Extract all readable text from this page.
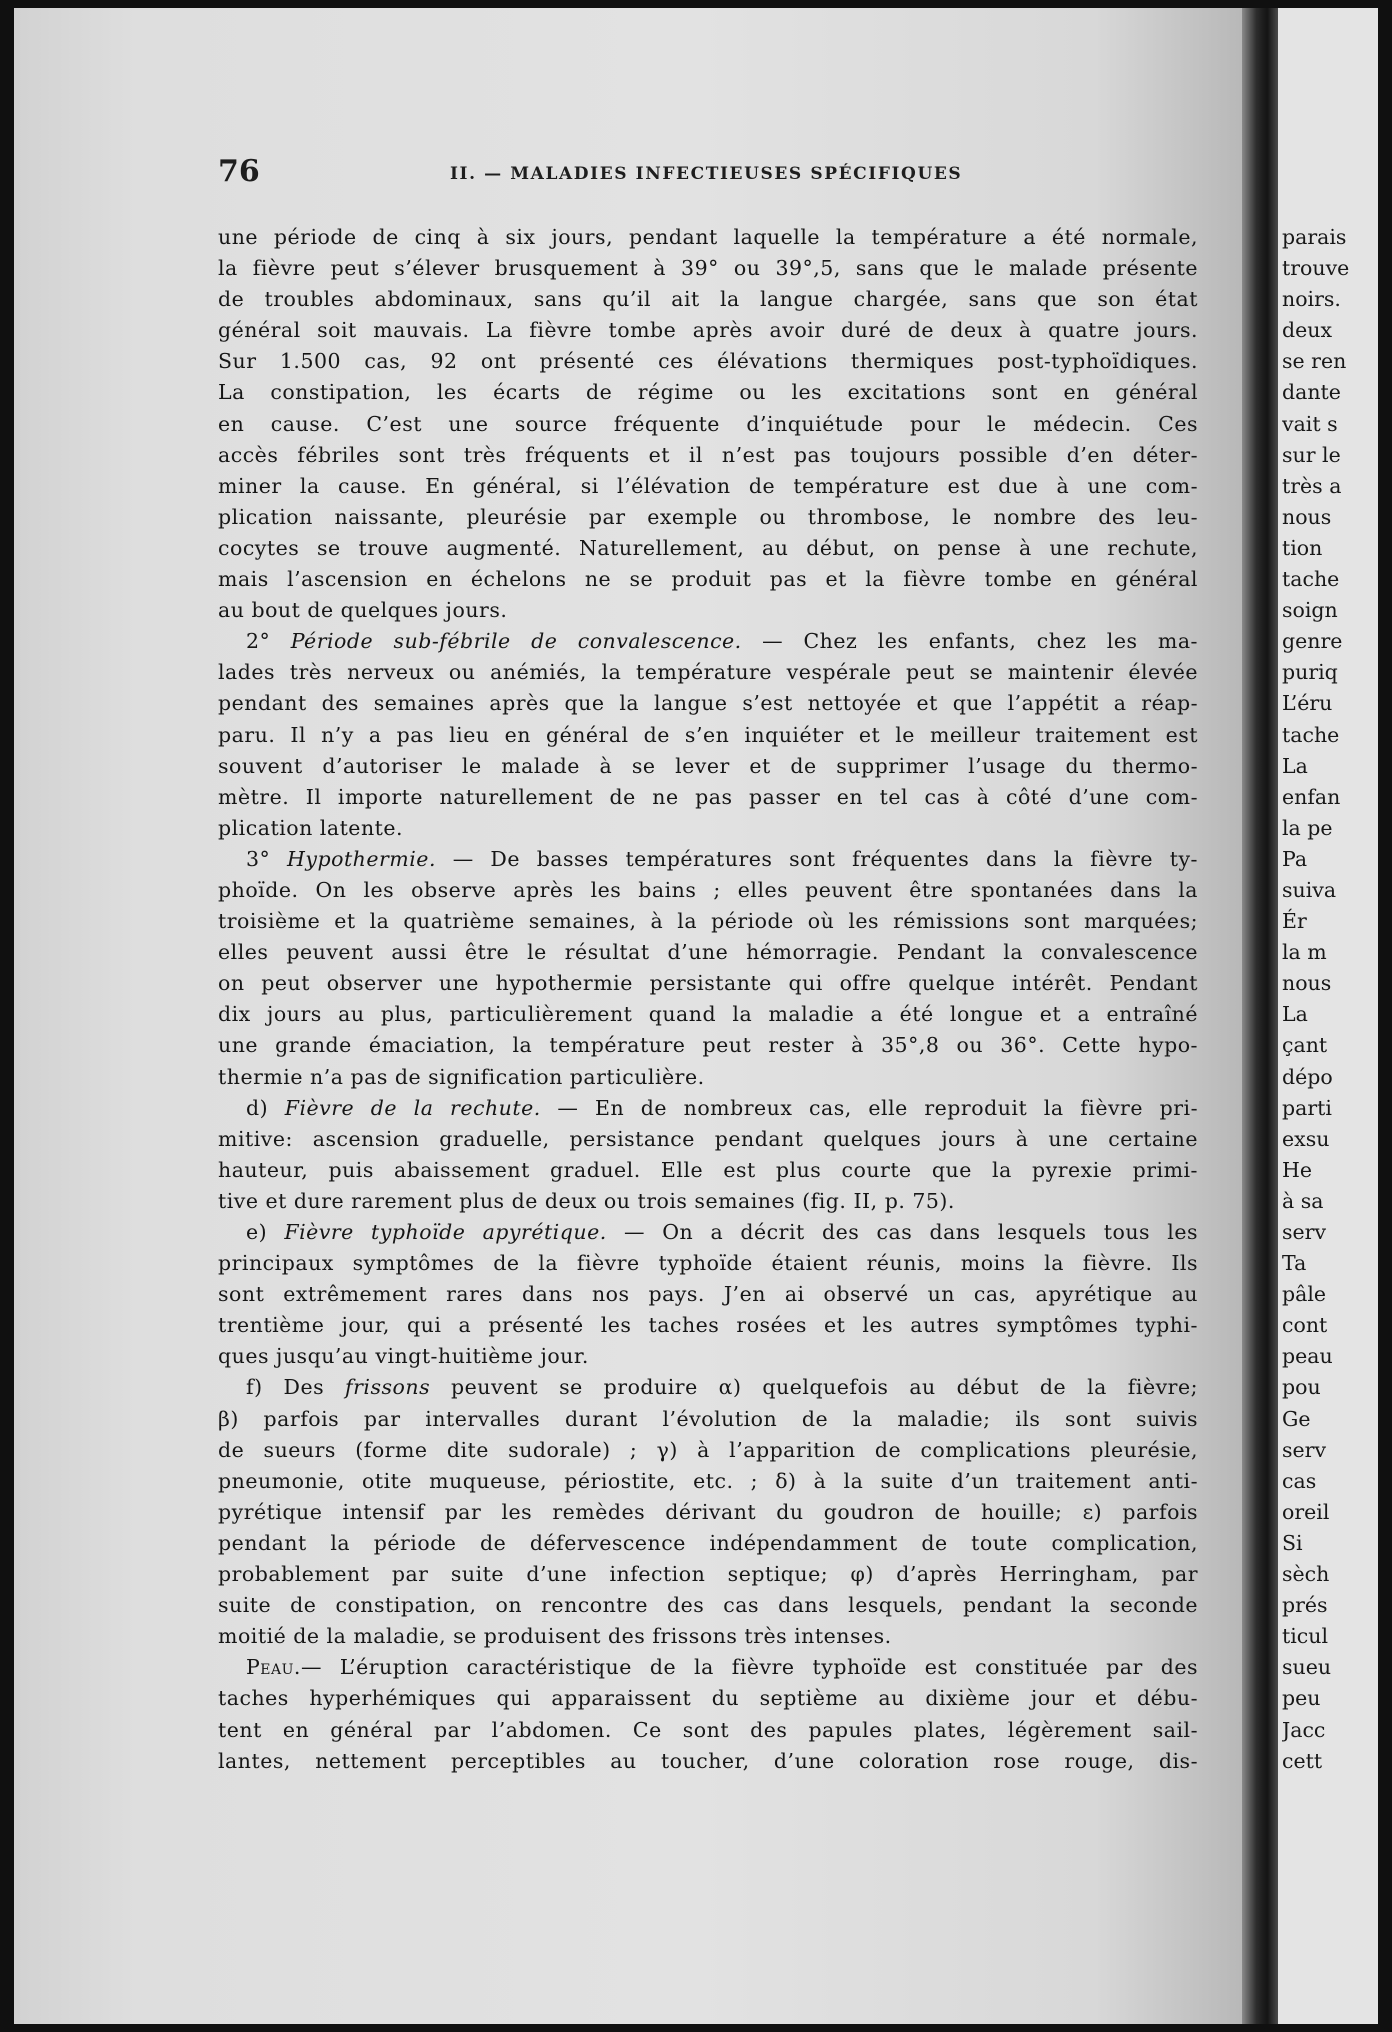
parais
trouve
noirs.
deux
se ren
dante
vait s
sur le
très a
nous
tion
tache
soign
genre
puriq
L’éru
tache
La
enfan
la pe
Pa
suiva
Ér
la m
nous
La
çant
dépo
parti
exsu
He
à sa
serv
Ta
pâle
cont
peau
pou
Ge
serv
cas
oreil
Si
sèch
prés
ticul
sueu
peu
Jacc
cett
76	II. — MALADIES INFECTIEUSES SPÉCIFIQUES
une période de cinq à six jours, pendant laquelle la température a été normale,
la fièvre peut s’élever brusquement à 39° ou 39°,5, sans que le malade présente
de troubles abdominaux, sans qu’il ait la langue chargée, sans que son état
général soit mauvais. La fièvre tombe après avoir duré de deux à quatre jours.
Sur 1.500 cas, 92 ont présenté ces élévations thermiques post-typhoïdiques.
La constipation, les écarts de régime ou les excitations sont en général
en cause. C’est une source fréquente d’inquiétude pour le médecin. Ces
accès fébriles sont très fréquents et il n’est pas toujours possible d’en déter-
miner la cause. En général, si l’élévation de température est due à une com-
plication naissante, pleurésie par exemple ou thrombose, le nombre des leu-
cocytes se trouve augmenté. Naturellement, au début, on pense à une rechute,
mais l’ascension en échelons ne se produit pas et la fièvre tombe en général
au bout de quelques jours.
2° Période sub-fébrile de convalescence. — Chez les enfants, chez les ma-
lades très nerveux ou anémiés, la température vespérale peut se maintenir élevée
pendant des semaines après que la langue s’est nettoyée et que l’appétit a réap-
paru. Il n’y a pas lieu en général de s’en inquiéter et le meilleur traitement est
souvent d’autoriser le malade à se lever et de supprimer l’usage du thermo-
mètre. Il importe naturellement de ne pas passer en tel cas à côté d’une com-
plication latente.
3° Hypothermie. — De basses températures sont fréquentes dans la fièvre ty-
phoïde. On les observe après les bains ; elles peuvent être spontanées dans la
troisième et la quatrième semaines, à la période où les rémissions sont marquées;
elles peuvent aussi être le résultat d’une hémorragie. Pendant la convalescence
on peut observer une hypothermie persistante qui offre quelque intérêt. Pendant
dix jours au plus, particulièrement quand la maladie a été longue et a entraîné
une grande émaciation, la température peut rester à 35°,8 ou 36°. Cette hypo-
thermie n’a pas de signification particulière.
d) Fièvre de la rechute. — En de nombreux cas, elle reproduit la fièvre pri-
mitive: ascension graduelle, persistance pendant quelques jours à une certaine
hauteur, puis abaissement graduel. Elle est plus courte que la pyrexie primi-
tive et dure rarement plus de deux ou trois semaines (fig. II, p. 75).
e) Fièvre typhoïde apyrétique. — On a décrit des cas dans lesquels tous les
principaux symptômes de la fièvre typhoïde étaient réunis, moins la fièvre. Ils
sont extrêmement rares dans nos pays. J’en ai observé un cas, apyrétique au
trentième jour, qui a présenté les taches rosées et les autres symptômes typhi-
ques jusqu’au vingt-huitième jour.
f) Des frissons peuvent se produire α) quelquefois au début de la fièvre;
β) parfois par intervalles durant l’évolution de la maladie; ils sont suivis
de sueurs (forme dite sudorale) ; γ) à l’apparition de complications pleurésie,
pneumonie, otite muqueuse, périostite, etc. ; δ) à la suite d’un traitement anti-
pyrétique intensif par les remèdes dérivant du goudron de houille; ε) parfois
pendant la période de défervescence indépendamment de toute complication,
probablement par suite d’une infection septique; φ) d’après Herringham, par
suite de constipation, on rencontre des cas dans lesquels, pendant la seconde
moitié de la maladie, se produisent des frissons très intenses.
Peau.— L’éruption caractéristique de la fièvre typhoïde est constituée par des
taches hyperhémiques qui apparaissent du septième au dixième jour et débu-
tent en général par l’abdomen. Ce sont des papules plates, légèrement sail-
lantes, nettement perceptibles au toucher, d’une coloration rose rouge, dis-
